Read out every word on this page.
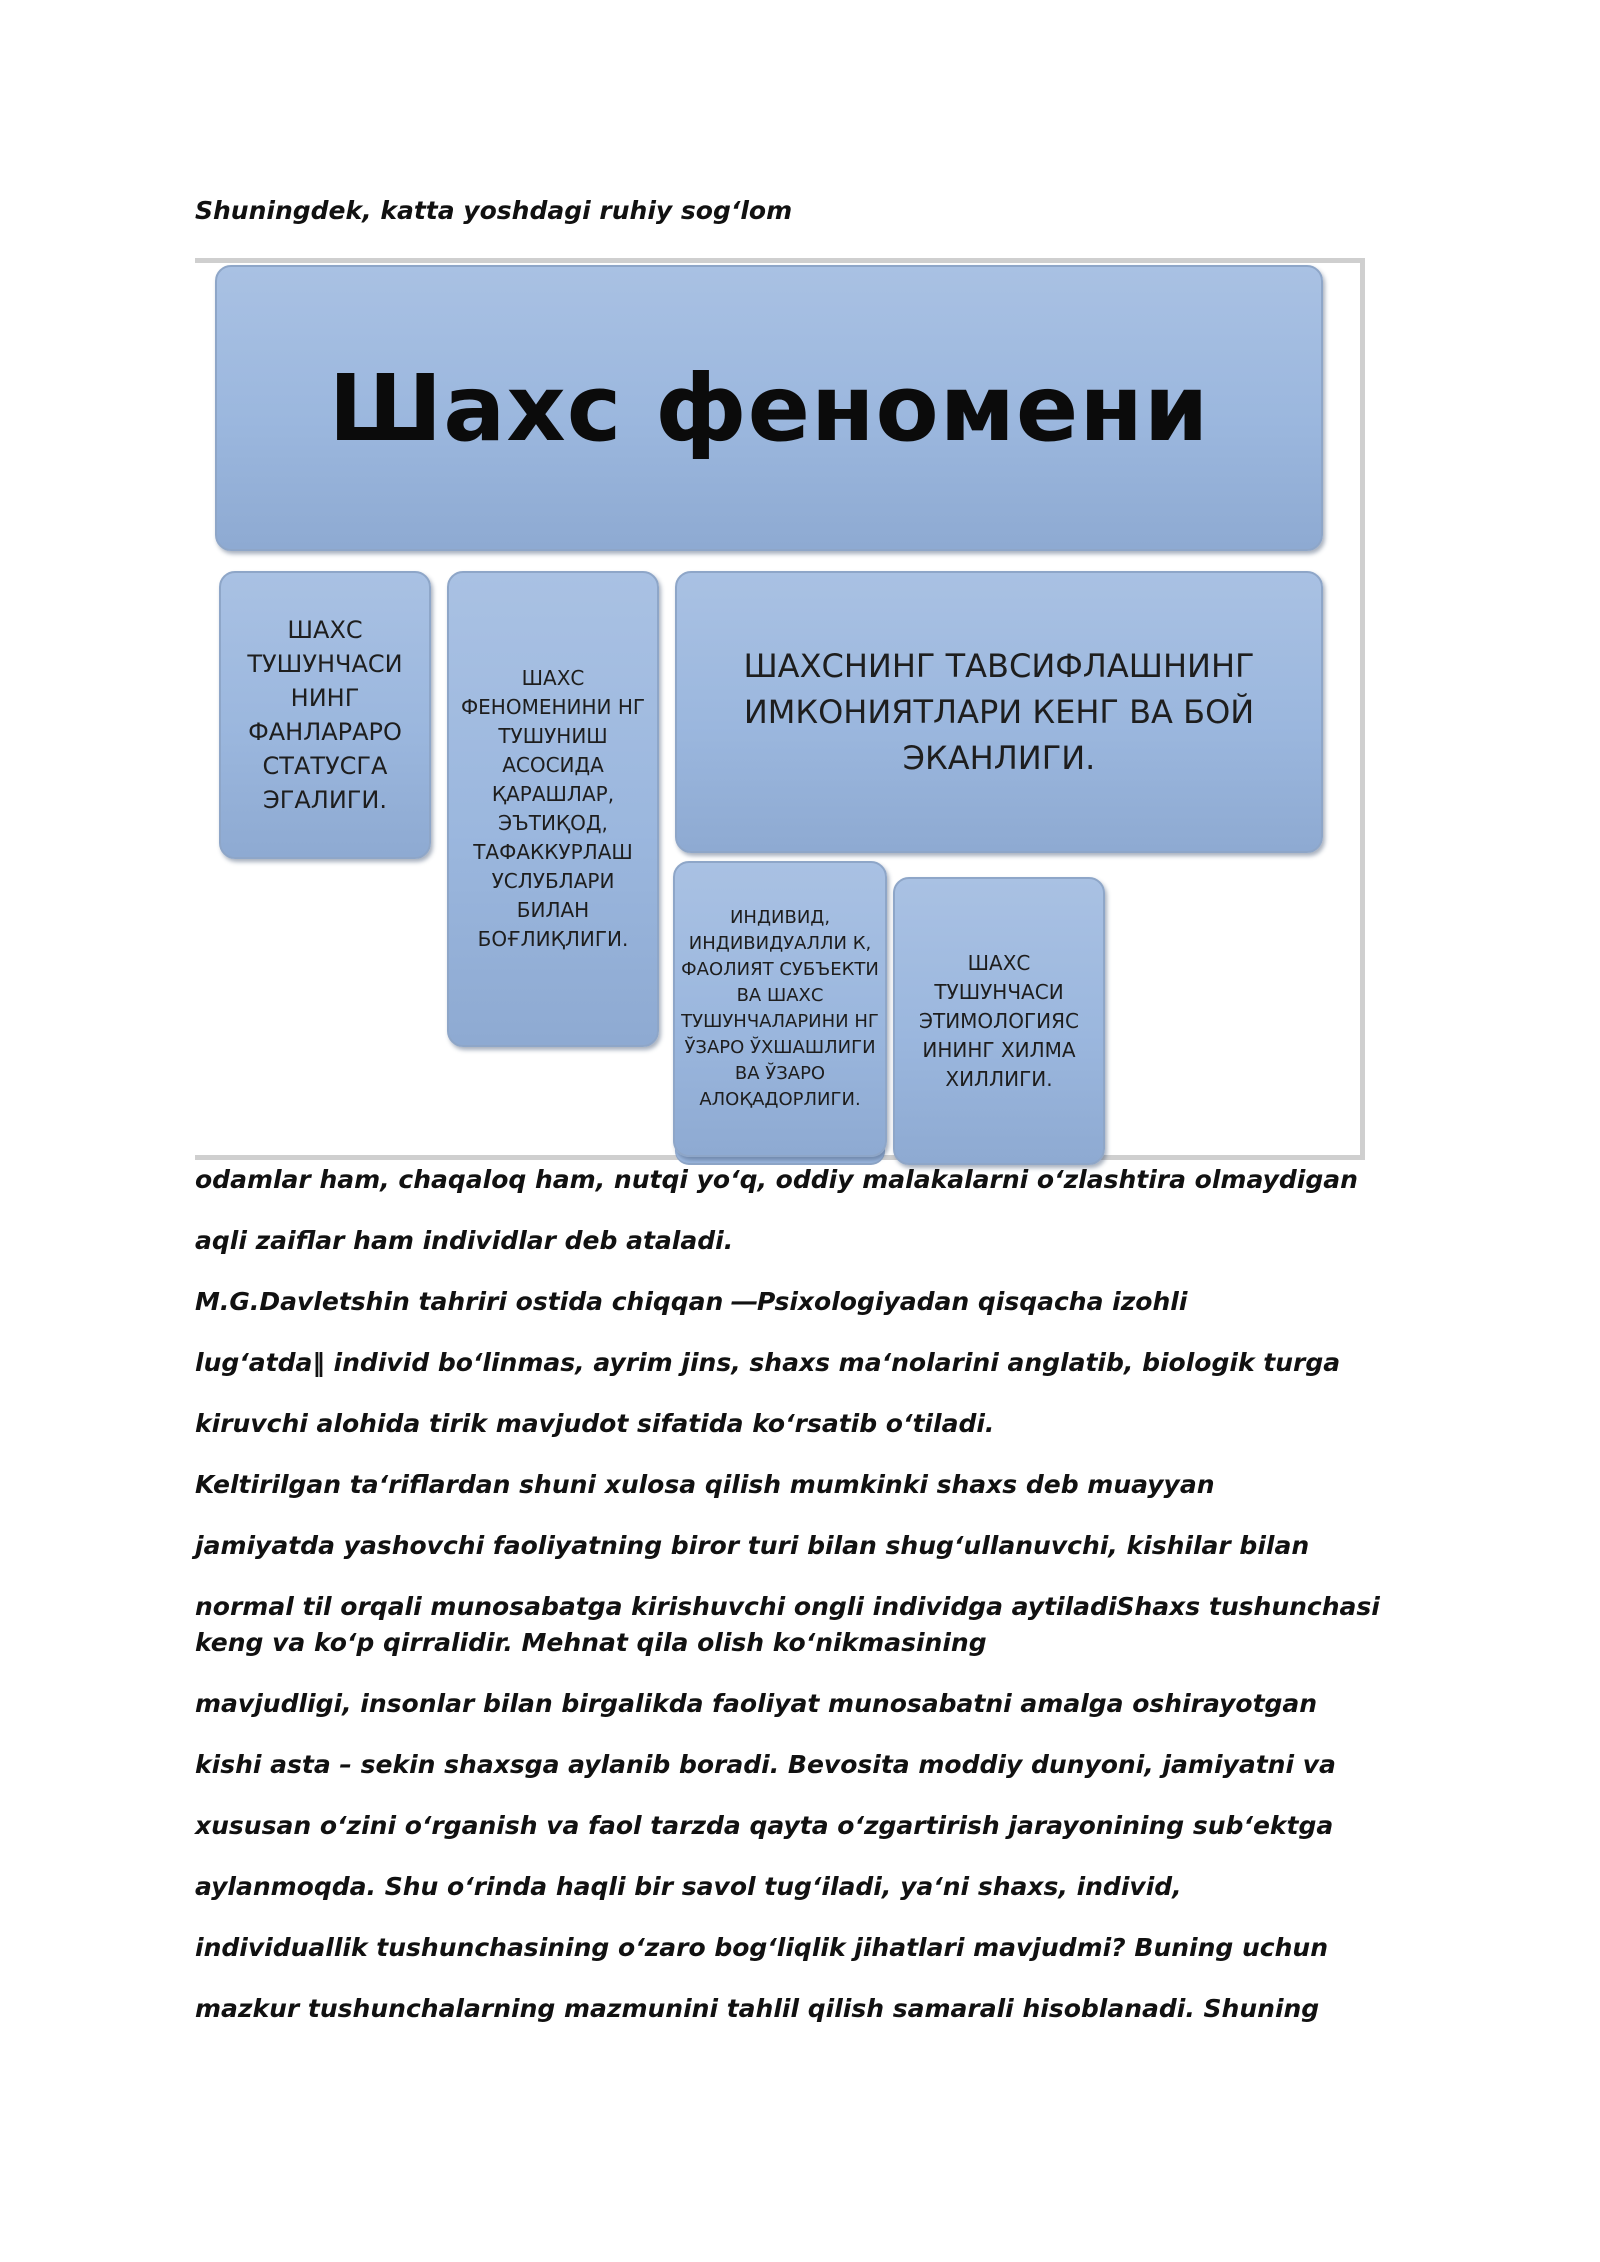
Shuningdek, katta yoshdagi ruhiy sog‘lom
Шахс феномени
ШАХС ТУШУНЧАСИ НИНГ ФАНЛАРАРО СТАТУСГА ЭГАЛИГИ.
ШАХС ФЕНОМЕНИНИ НГ ТУШУНИШ АСОСИДА ҚАРАШЛАР, ЭЪТИҚОД, ТАФАККУРЛАШ УСЛУБЛАРИ БИЛАН БОҒЛИҚЛИГИ.
ШАХСНИНГ ТАВСИФЛАШНИНГ ИМКОНИЯТЛАРИ КЕНГ ВА БОЙ ЭКАНЛИГИ.
ИНДИВИД, ИНДИВИДУАЛЛИ К, ФАОЛИЯТ СУБЪЕКТИ ВА ШАХС ТУШУНЧАЛАРИНИ НГ ЎЗАРО ЎХШАШЛИГИ ВА ЎЗАРО АЛОҚАДОРЛИГИ.
ШАХС ТУШУНЧАСИ ЭТИМОЛОГИЯС ИНИНГ ХИЛМА ХИЛЛИГИ.
odamlar ham, chaqaloq ham, nutqi yo‘q, oddiy malakalarni o‘zlashtira olmaydigan
aqli zaiflar ham individlar deb ataladi.
M.G.Davletshin tahriri ostida chiqqan ―Psixologiyadan qisqacha izohli
lug‘atda‖ individ bo‘linmas, ayrim jins, shaxs ma‘nolarini anglatib, biologik turga
kiruvchi alohida tirik mavjudot sifatida ko‘rsatib o‘tiladi.
Keltirilgan ta‘riflardan shuni xulosa qilish mumkinki shaxs deb muayyan
jamiyatda yashovchi faoliyatning biror turi bilan shug‘ullanuvchi, kishilar bilan
normal til orqali munosabatga kirishuvchi ongli individga aytiladiShaxs tushunchasi keng va ko‘p qirralidir. Mehnat qila olish ko‘nikmasining
mavjudligi, insonlar bilan birgalikda faoliyat munosabatni amalga oshirayotgan
kishi asta – sekin shaxsga aylanib boradi. Bevosita moddiy dunyoni, jamiyatni va
xususan o‘zini o‘rganish va faol tarzda qayta o‘zgartirish jarayonining sub‘ektga
aylanmoqda. Shu o‘rinda haqli bir savol tug‘iladi, ya‘ni shaxs, individ,
individuallik tushunchasining o‘zaro bog‘liqlik jihatlari mavjudmi? Buning uchun
mazkur tushunchalarning mazmunini tahlil qilish samarali hisoblanadi. Shuning
